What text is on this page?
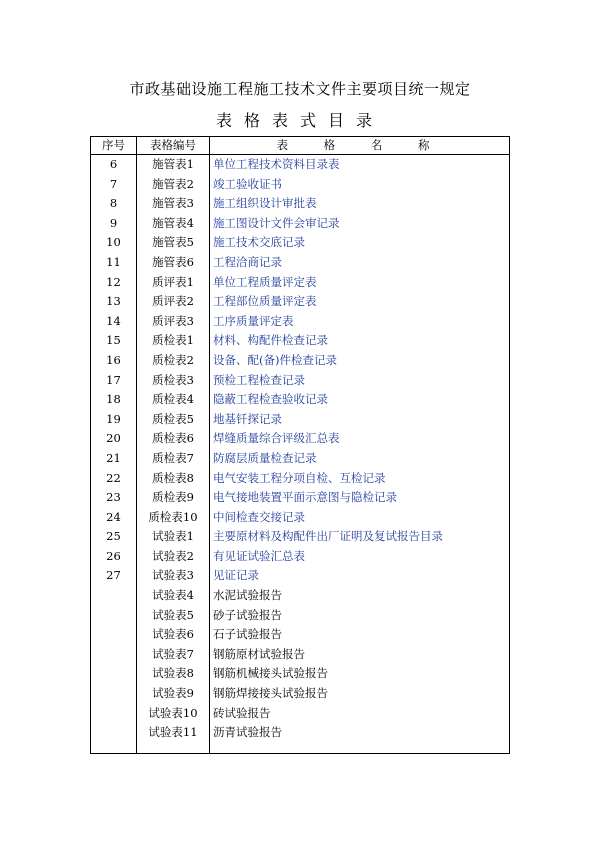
市政基础设施工程施工技术文件主要项目统一规定
表格表式目录
序号	表格编号	表 格 名 称
6	施管表1	单位工程技术资料目录表
7	施管表2	竣工验收证书
8	施管表3	施工组织设计审批表
9	施管表4	施工图设计文件会审记录
10	施管表5	施工技术交底记录
11	施管表6	工程洽商记录
12	质评表1	单位工程质量评定表
13	质评表2	工程部位质量评定表
14	质评表3	工序质量评定表
15	质检表1	材料、构配件检查记录
16	质检表2	设备、配(备)件检查记录
17	质检表3	预检工程检查记录
18	质检表4	隐蔽工程检查验收记录
19	质检表5	地基钎探记录
20	质检表6	焊缝质量综合评级汇总表
21	质检表7	防腐层质量检查记录
22	质检表8	电气安装工程分项自检、互检记录
23	质检表9	电气接地装置平面示意图与隐检记录
24	质检表10	中间检查交接记录
25	试验表1	主要原材料及构配件出厂证明及复试报告目录
26	试验表2	有见证试验汇总表
27	试验表3	见证记录
	试验表4	水泥试验报告
	试验表5	砂子试验报告
	试验表6	石子试验报告
	试验表7	钢筋原材试验报告
	试验表8	钢筋机械接头试验报告
	试验表9	钢筋焊接接头试验报告
	试验表10	砖试验报告
	试验表11	沥青试验报告
